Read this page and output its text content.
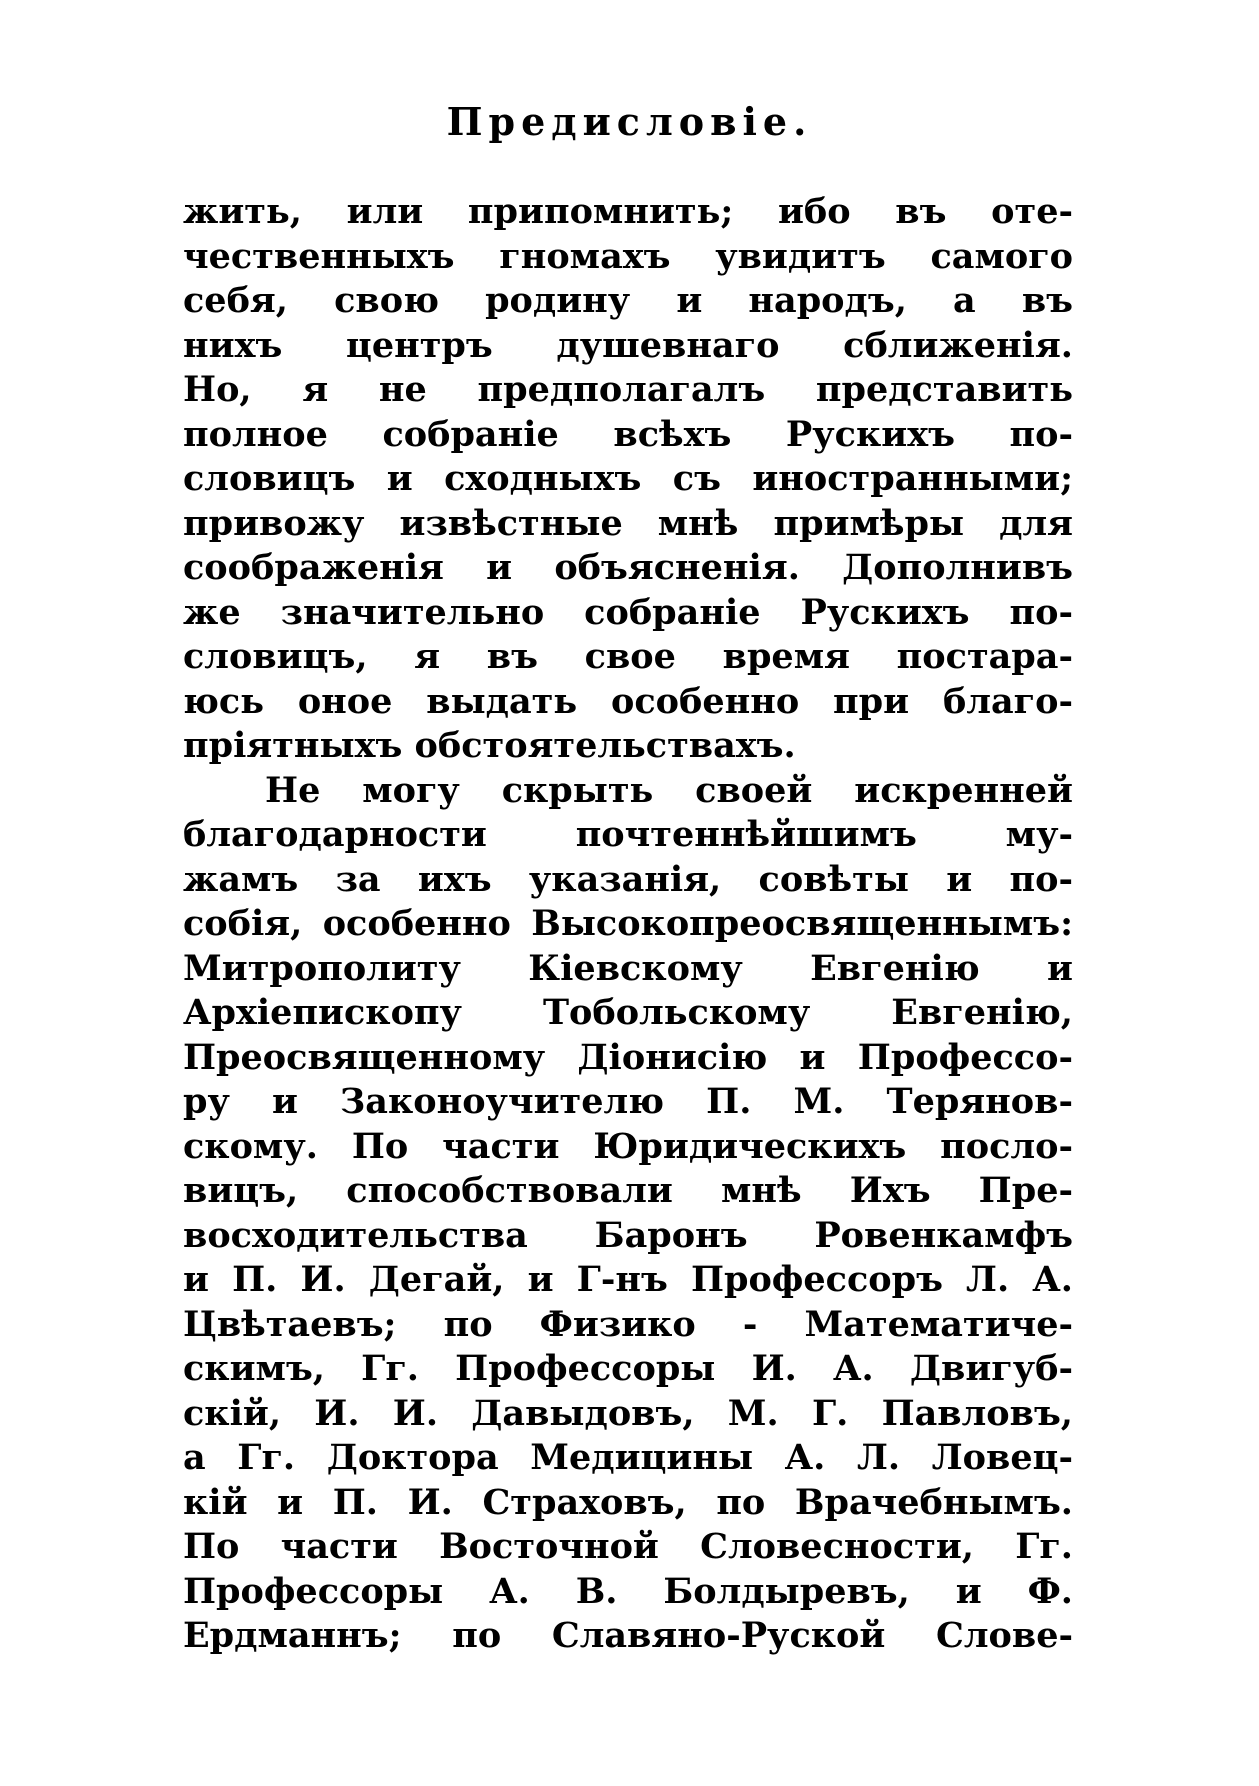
Предисловіе.
жить, или припомнить; ибо въ оте-
чественныхъ гномахъ увидитъ самого
себя, свою родину и народъ, а въ
нихъ центръ душевнаго сближенія.
Но, я не предполагалъ представить
полное собраніе всѣхъ Рускихъ по-
словицъ и сходныхъ съ иностранными;
привожу извѣстные мнѣ примѣры для
соображенія и объясненія. Дополнивъ
же значительно собраніе Рускихъ по-
словицъ, я въ свое время постара-
юсь оное выдать особенно при благо-
пріятныхъ обстоятельствахъ.
Не могу скрыть своей искренней
благодарности почтеннѣйшимъ му-
жамъ за ихъ указанія, совѣты и по-
собія, особенно Высокопреосвященнымъ:
Митрополиту Кіевскому Евгенію и
Архіепископу Тобольскому Евгенію,
Преосвященному Діонисію и Профессо-
ру и Законоучителю П. М. Терянов-
скому. По части Юридическихъ посло-
вицъ, способствовали мнѣ Ихъ Пре-
восходительства Баронъ Ровенкамфъ
и П. И. Дегай, и Г-нъ Профессоръ Л. А.
Цвѣтаевъ; по Физико - Математиче-
скимъ, Гг. Профессоры И. А. Двигуб-
скій, И. И. Давыдовъ, М. Г. Павловъ,
а Гг. Доктора Медицины А. Л. Ловец-
кій и П. И. Страховъ, по Врачебнымъ.
По части Восточной Словесности, Гг.
Профессоры А. В. Болдыревъ, и Ф.
Ердманнъ; по Славяно-Руской Слове-
